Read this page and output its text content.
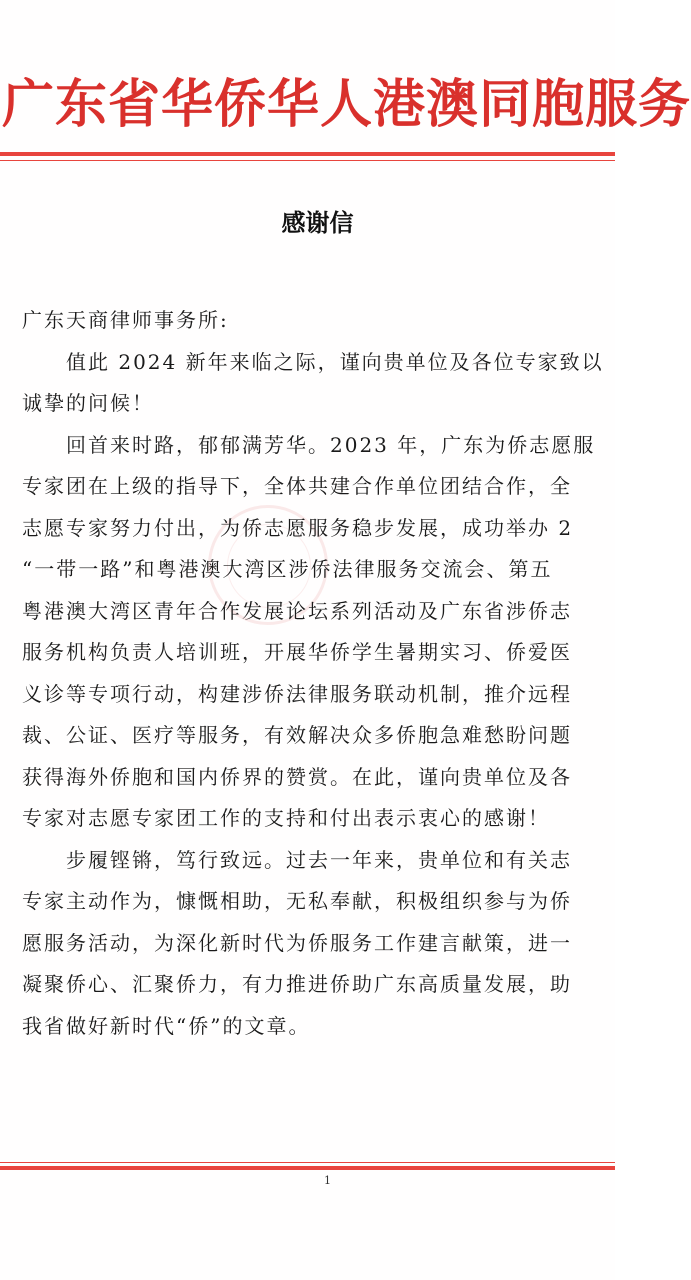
广东省华侨华人港澳同胞服务
感谢信
广东天商律师事务所:
值此 2024 新年来临之际，谨向贵单位及各位专家致以
诚挚的问候！
回首来时路，郁郁满芳华。2023 年，广东为侨志愿服
专家团在上级的指导下，全体共建合作单位团结合作，全
志愿专家努力付出，为侨志愿服务稳步发展，成功举办 2
“一带一路”和粤港澳大湾区涉侨法律服务交流会、第五
粤港澳大湾区青年合作发展论坛系列活动及广东省涉侨志
服务机构负责人培训班，开展华侨学生暑期实习、侨爱医
义诊等专项行动，构建涉侨法律服务联动机制，推介远程
裁、公证、医疗等服务，有效解决众多侨胞急难愁盼问题
获得海外侨胞和国内侨界的赞赏。在此，谨向贵单位及各
专家对志愿专家团工作的支持和付出表示衷心的感谢！
步履铿锵，笃行致远。过去一年来，贵单位和有关志
专家主动作为，慷慨相助，无私奉献，积极组织参与为侨
愿服务活动，为深化新时代为侨服务工作建言献策，进一
凝聚侨心、汇聚侨力，有力推进侨助广东高质量发展，助
我省做好新时代“侨”的文章。
1
